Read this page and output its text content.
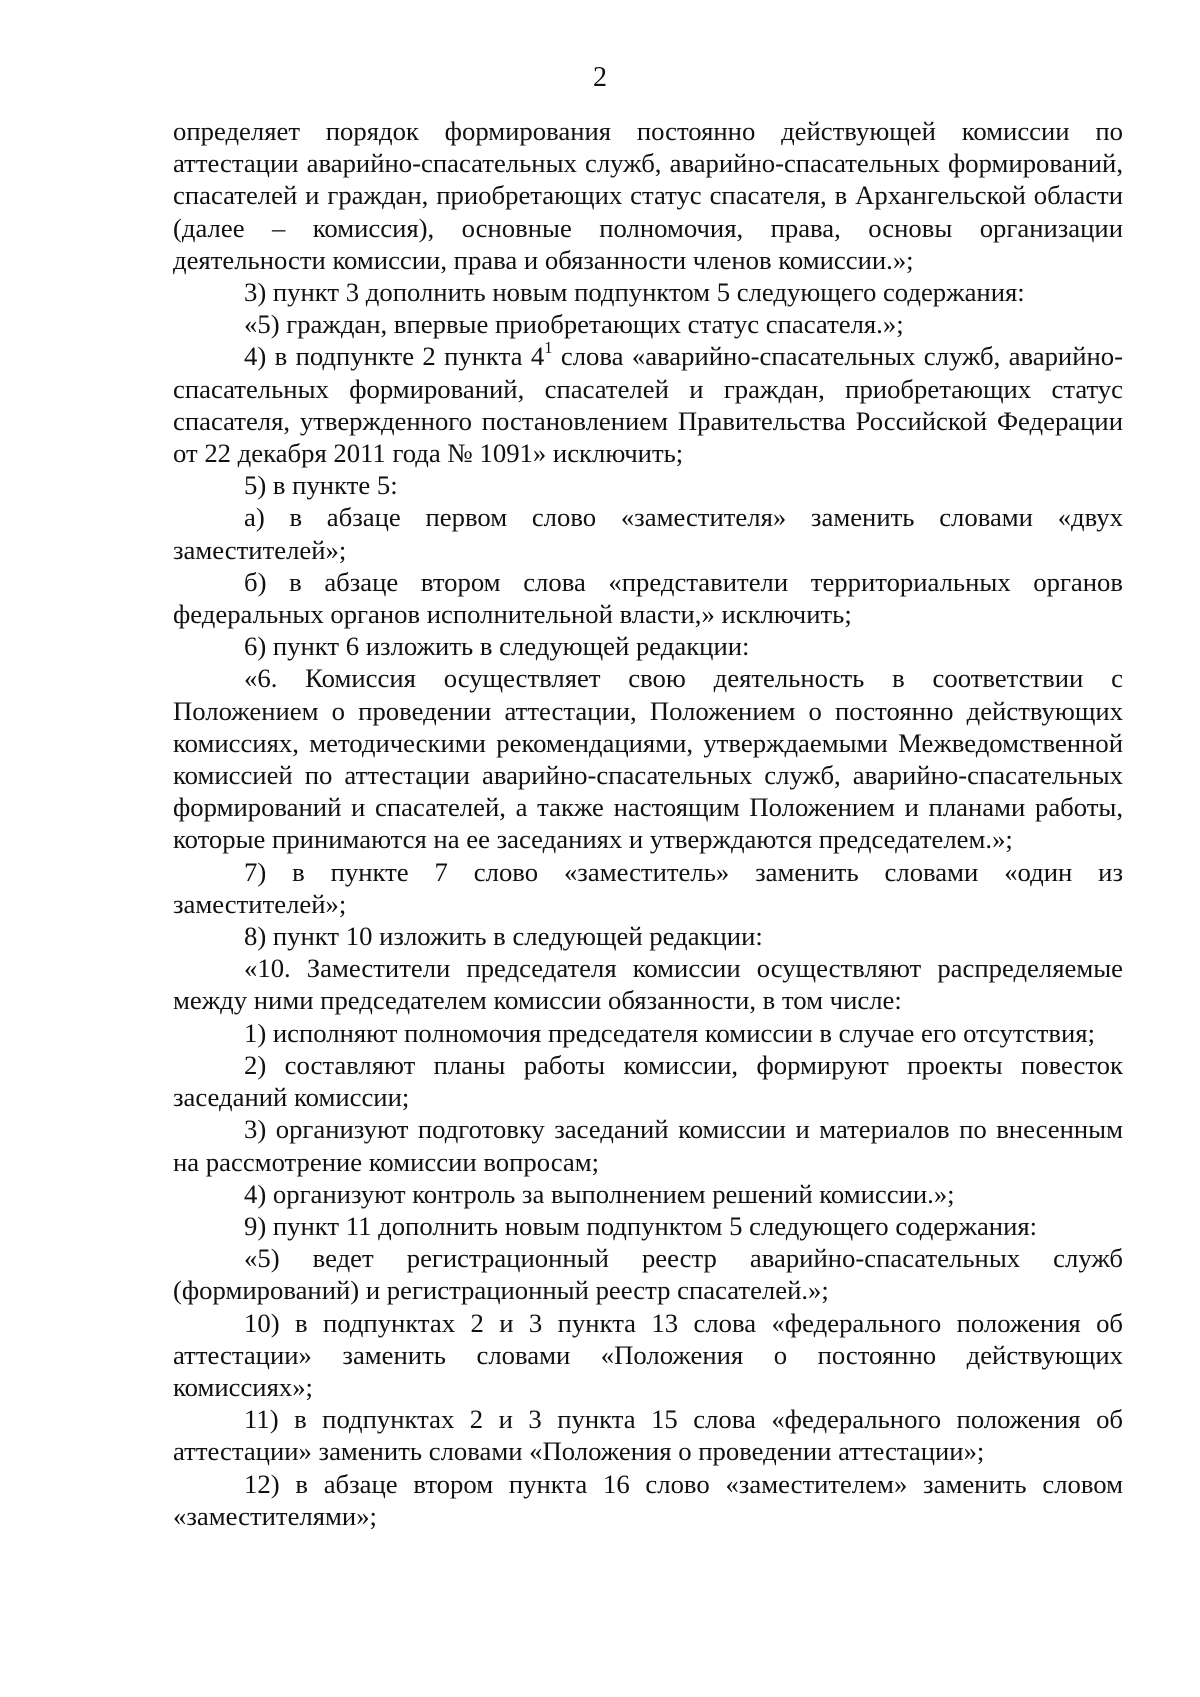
2

определяет порядок формирования постоянно действующей комиссии по аттестации аварийно-спасательных служб, аварийно-спасательных формирований, спасателей и граждан, приобретающих статус спасателя, в Архангельской области (далее – комиссия), основные полномочия, права, основы организации деятельности комиссии, права и обязанности членов комиссии.»;

3) пункт 3 дополнить новым подпунктом 5 следующего содержания:

«5) граждан, впервые приобретающих статус спасателя.»;

4) в подпункте 2 пункта $4^1$ слова «аварийно-спасательных служб, аварийно-спасательных формирований, спасателей и граждан, приобретающих статус спасателя, утвержденного постановлением Правительства Российской Федерации от 22 декабря 2011 года № 1091» исключить;

5) в пункте 5:

а) в абзаце первом слово «заместителя» заменить словами «двух заместителей»;

б) в абзаце втором слова «представители территориальных органов федеральных органов исполнительной власти,» исключить;

6) пункт 6 изложить в следующей редакции:

«6. Комиссия осуществляет свою деятельность в соответствии с Положением о проведении аттестации, Положением о постоянно действующих комиссиях, методическими рекомендациями, утверждаемыми Межведомственной комиссией по аттестации аварийно-спасательных служб, аварийно-спасательных формирований и спасателей, а также настоящим Положением и планами работы, которые принимаются на ее заседаниях и утверждаются председателем.»;

7) в пункте 7 слово «заместитель» заменить словами «один из заместителей»;

8) пункт 10 изложить в следующей редакции:

«10. Заместители председателя комиссии осуществляют распределяемые между ними председателем комиссии обязанности, в том числе:

1) исполняют полномочия председателя комиссии в случае его отсутствия;

2) составляют планы работы комиссии, формируют проекты повесток заседаний комиссии;

3) организуют подготовку заседаний комиссии и материалов по внесенным на рассмотрение комиссии вопросам;

4) организуют контроль за выполнением решений комиссии.»;

9) пункт 11 дополнить новым подпунктом 5 следующего содержания:

«5) ведет регистрационный реестр аварийно-спасательных служб (формирований) и регистрационный реестр спасателей.»;

10) в подпунктах 2 и 3 пункта 13 слова «федерального положения об аттестации» заменить словами «Положения о постоянно действующих комиссиях»;

11) в подпунктах 2 и 3 пункта 15 слова «федерального положения об аттестации» заменить словами «Положения о проведении аттестации»;

12) в абзаце втором пункта 16 слово «заместителем» заменить словом «заместителями»;
